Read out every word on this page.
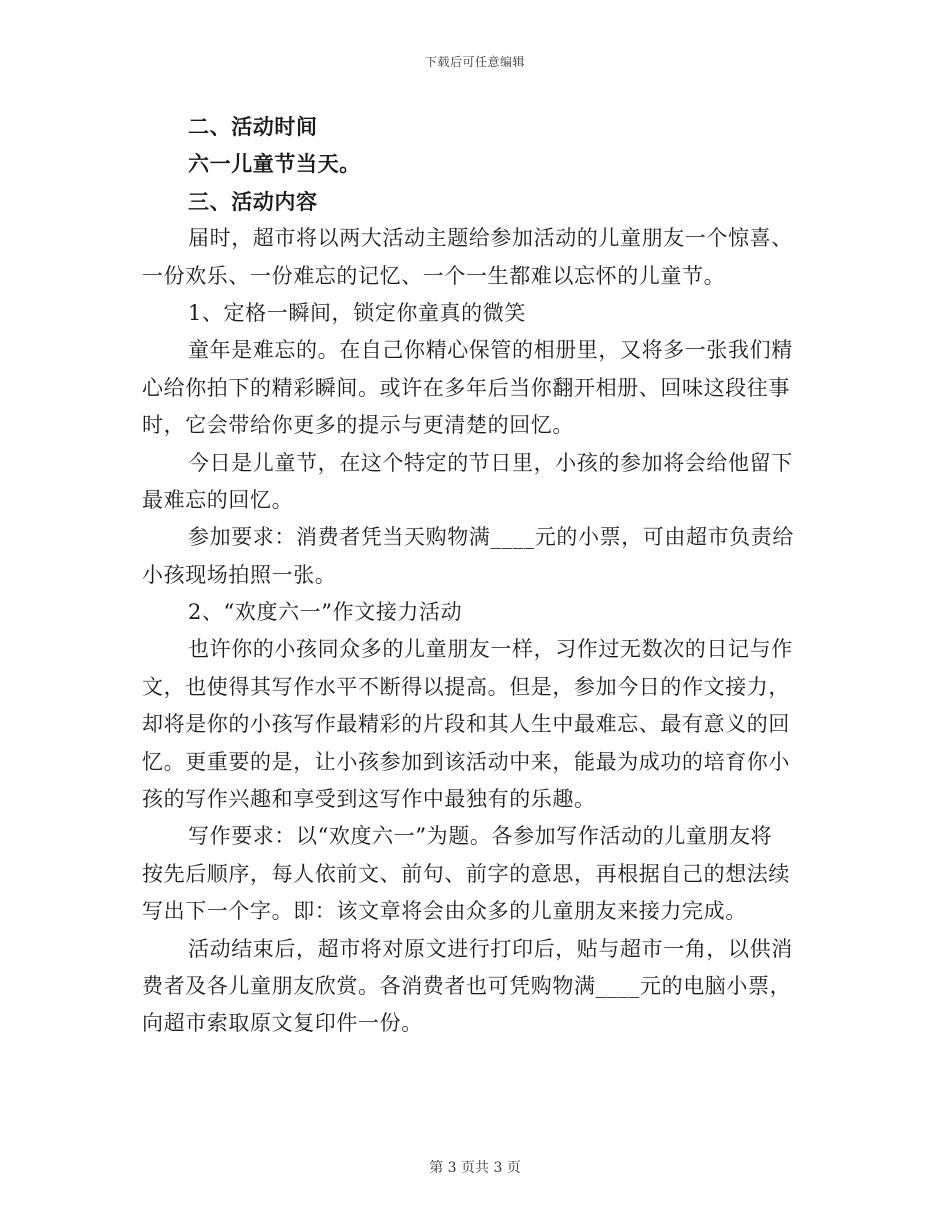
下载后可任意编辑
二、活动时间
六一儿童节当天。
三、活动内容
届时，超市将以两大活动主题给参加活动的儿童朋友一个惊喜、
一份欢乐、一份难忘的记忆、一个一生都难以忘怀的儿童节。
1、定格一瞬间，锁定你童真的微笑
童年是难忘的。在自己你精心保管的相册里，又将多一张我们精
心给你拍下的精彩瞬间。或许在多年后当你翻开相册、回味这段往事
时，它会带给你更多的提示与更清楚的回忆。
今日是儿童节，在这个特定的节日里，小孩的参加将会给他留下
最难忘的回忆。
参加要求：消费者凭当天购物满____元的小票，可由超市负责给
小孩现场拍照一张。
2、“欢度六一”作文接力活动
也许你的小孩同众多的儿童朋友一样，习作过无数次的日记与作
文，也使得其写作水平不断得以提高。但是，参加今日的作文接力，
却将是你的小孩写作最精彩的片段和其人生中最难忘、最有意义的回
忆。更重要的是，让小孩参加到该活动中来，能最为成功的培育你小
孩的写作兴趣和享受到这写作中最独有的乐趣。
写作要求：以“欢度六一”为题。各参加写作活动的儿童朋友将
按先后顺序，每人依前文、前句、前字的意思，再根据自己的想法续
写出下一个字。即：该文章将会由众多的儿童朋友来接力完成。
活动结束后，超市将对原文进行打印后，贴与超市一角，以供消
费者及各儿童朋友欣赏。各消费者也可凭购物满____元的电脑小票，
向超市索取原文复印件一份。
第 3 页共 3 页
